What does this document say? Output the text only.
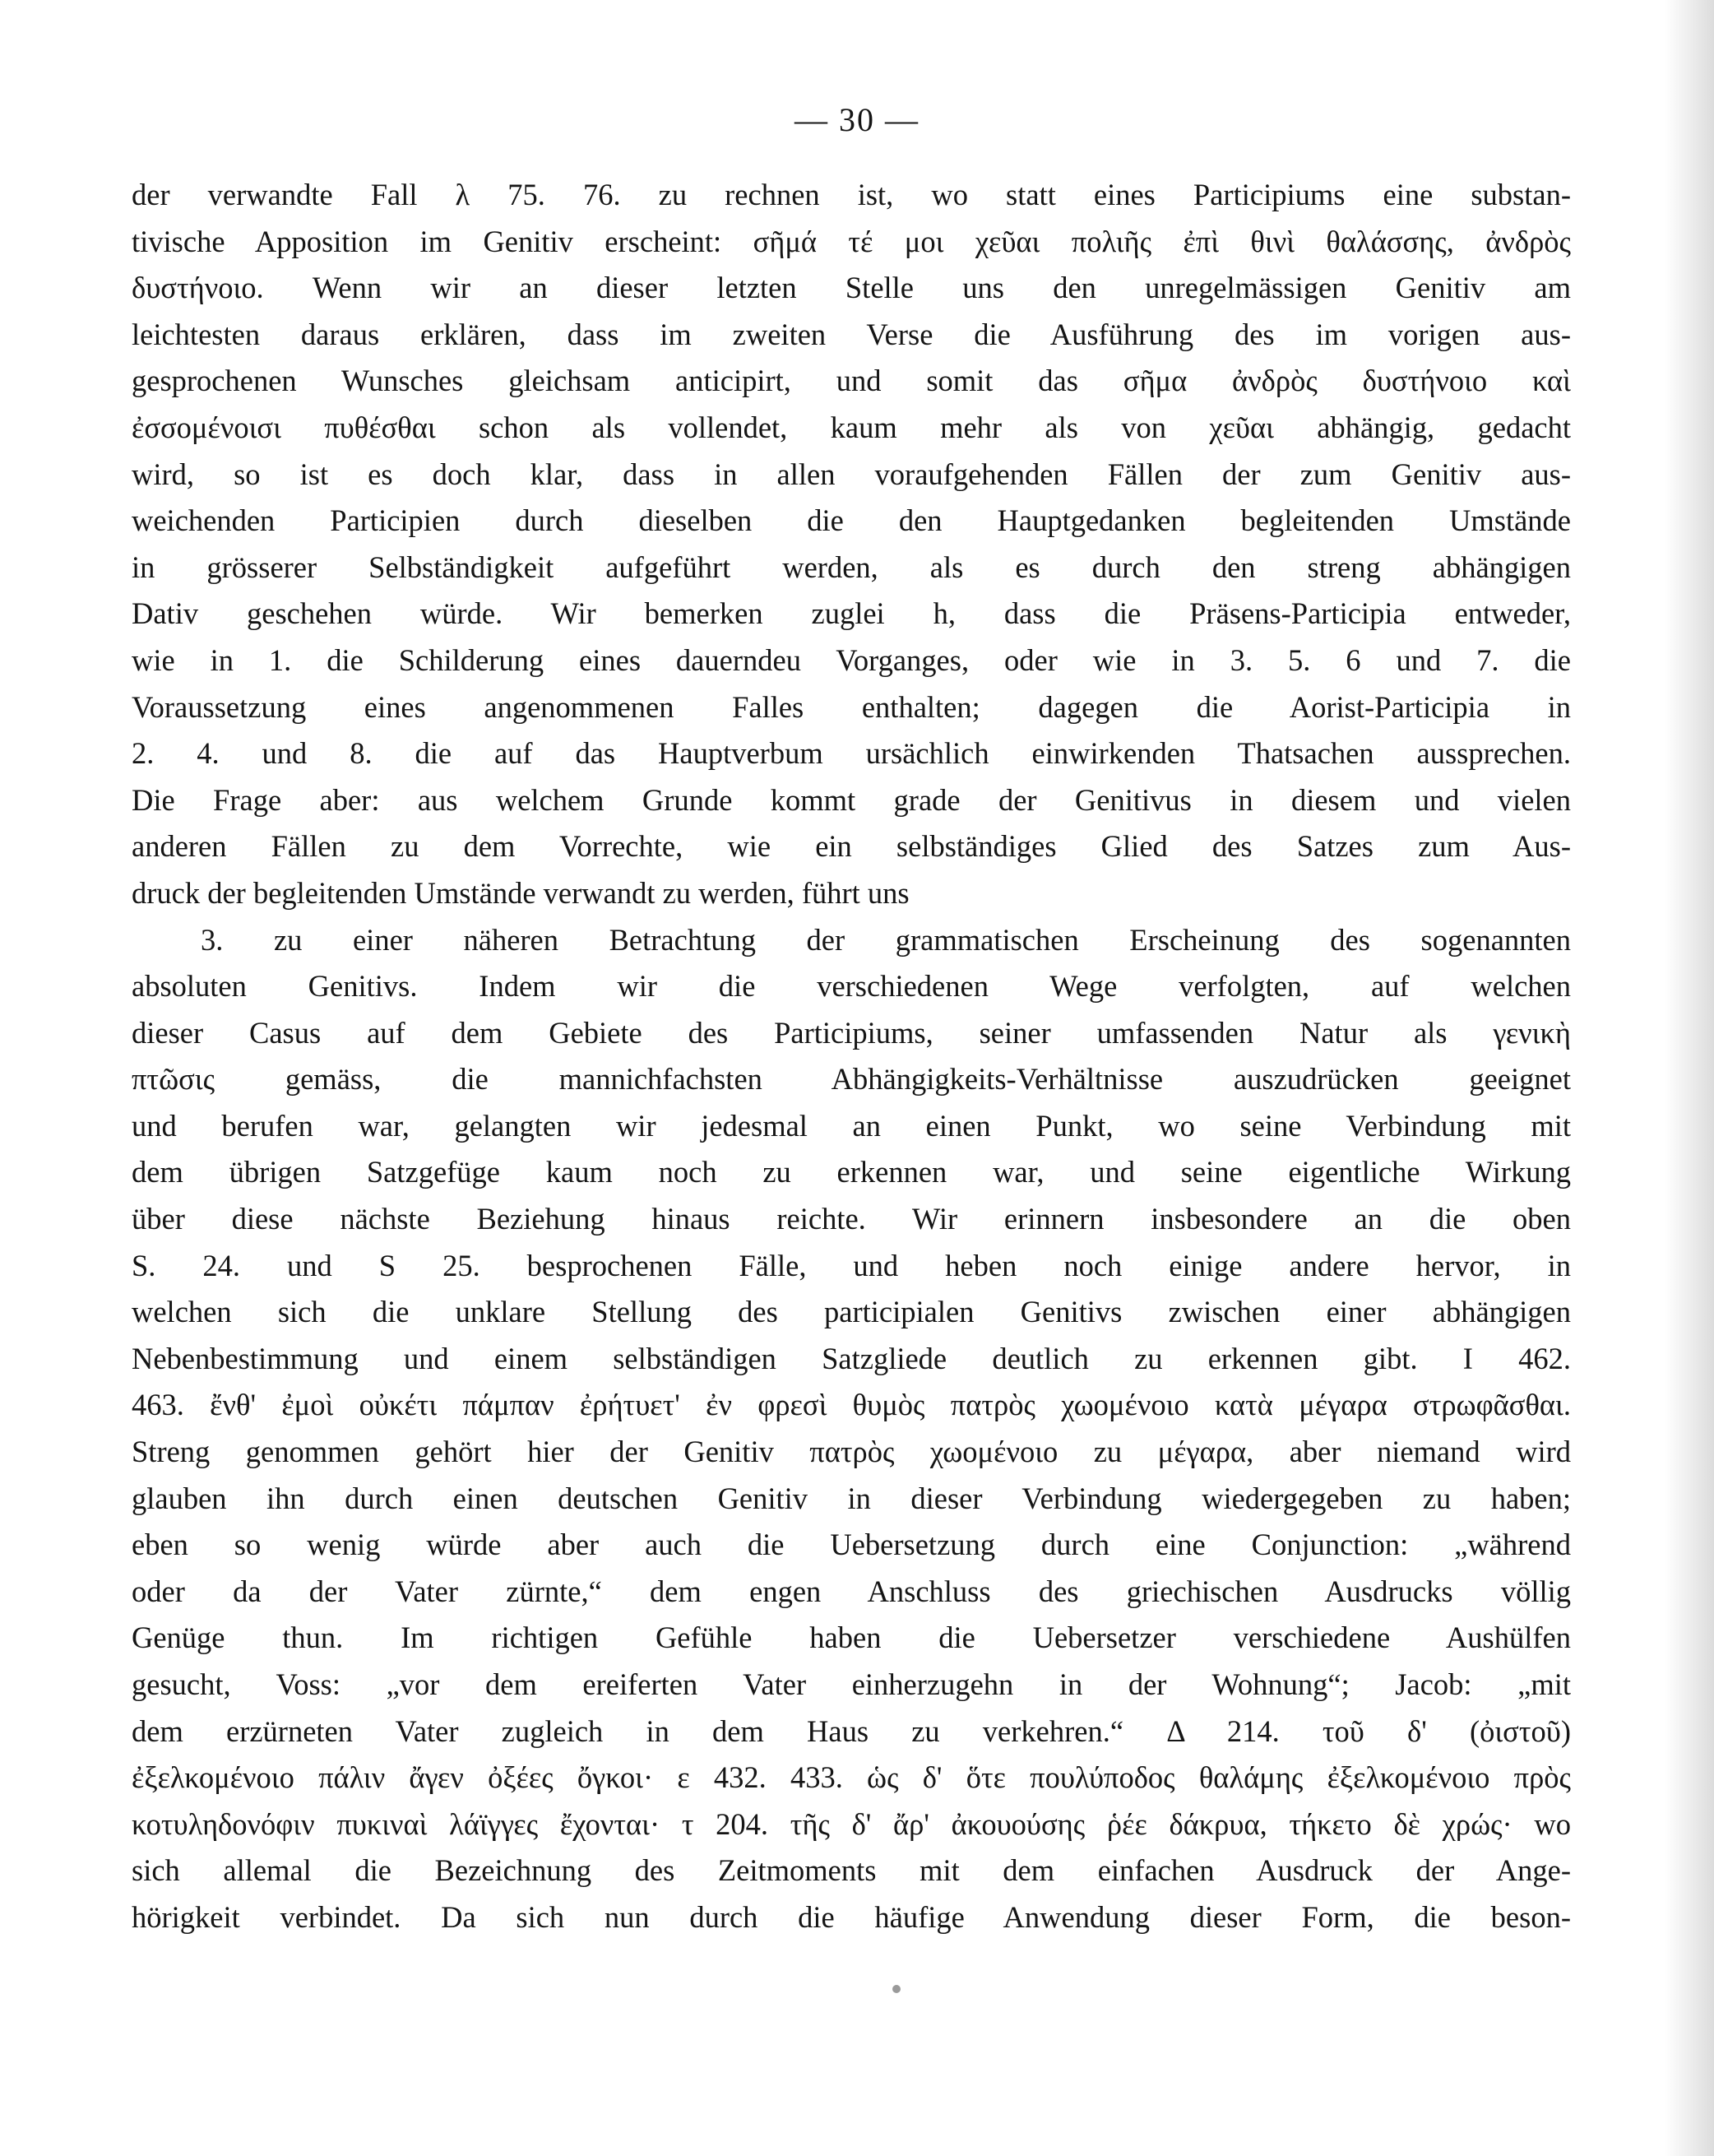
— 30 —
der verwandte Fall λ 75. 76. zu rechnen ist, wo statt eines Participiums eine substan-
tivische Apposition im Genitiv erscheint: σῆμά τέ μοι χεῦαι πολιῆς ἐπὶ θινὶ θαλάσσης, ἀνδρὸς
δυστήνοιο. Wenn wir an dieser letzten Stelle uns den unregelmässigen Genitiv am
leichtesten daraus erklären, dass im zweiten Verse die Ausführung des im vorigen aus-
gesprochenen Wunsches gleichsam anticipirt, und somit das σῆμα ἀνδρὸς δυστήνοιο καὶ
ἐσσομένοισι πυθέσθαι schon als vollendet, kaum mehr als von χεῦαι abhängig, gedacht
wird, so ist es doch klar, dass in allen voraufgehenden Fällen der zum Genitiv aus-
weichenden Participien durch dieselben die den Hauptgedanken begleitenden Umstände
in grösserer Selbständigkeit aufgeführt werden, als es durch den streng abhängigen
Dativ geschehen würde. Wir bemerken zuglei h, dass die Präsens-Participia entweder,
wie in 1. die Schilderung eines dauerndeu Vorganges, oder wie in 3. 5. 6 und 7. die
Voraussetzung eines angenommenen Falles enthalten; dagegen die Aorist-Participia in
2. 4. und 8. die auf das Hauptverbum ursächlich einwirkenden Thatsachen aussprechen.
Die Frage aber: aus welchem Grunde kommt grade der Genitivus in diesem und vielen
anderen Fällen zu dem Vorrechte, wie ein selbständiges Glied des Satzes zum Aus-
druck der begleitenden Umstände verwandt zu werden, führt uns
3. zu einer näheren Betrachtung der grammatischen Erscheinung des sogenannten
absoluten Genitivs. Indem wir die verschiedenen Wege verfolgten, auf welchen
dieser Casus auf dem Gebiete des Participiums, seiner umfassenden Natur als γενικὴ
πτῶσις gemäss, die mannichfachsten Abhängigkeits-Verhältnisse auszudrücken geeignet
und berufen war, gelangten wir jedesmal an einen Punkt, wo seine Verbindung mit
dem übrigen Satzgefüge kaum noch zu erkennen war, und seine eigentliche Wirkung
über diese nächste Beziehung hinaus reichte. Wir erinnern insbesondere an die oben
S. 24. und S 25. besprochenen Fälle, und heben noch einige andere hervor, in
welchen sich die unklare Stellung des participialen Genitivs zwischen einer abhängigen
Nebenbestimmung und einem selbständigen Satzgliede deutlich zu erkennen gibt. Ι 462.
463. ἔνθ' ἐμοὶ οὐκέτι πάμπαν ἐρήτυετ' ἐν φρεσὶ θυμὸς πατρὸς χωομένοιο κατὰ μέγαρα στρωφᾶσθαι.
Streng genommen gehört hier der Genitiv πατρὸς χωομένοιο zu μέγαρα, aber niemand wird
glauben ihn durch einen deutschen Genitiv in dieser Verbindung wiedergegeben zu haben;
eben so wenig würde aber auch die Uebersetzung durch eine Conjunction: „während
oder da der Vater zürnte,“ dem engen Anschluss des griechischen Ausdrucks völlig
Genüge thun. Im richtigen Gefühle haben die Uebersetzer verschiedene Aushülfen
gesucht, Voss: „vor dem ereiferten Vater einherzugehn in der Wohnung“; Jacob: „mit
dem erzürneten Vater zugleich in dem Haus zu verkehren.“ Δ 214. τοῦ δ' (ὀιστοῦ)
ἐξελκομένοιο πάλιν ἄγεν ὀξέες ὄγκοι· ε 432. 433. ὡς δ' ὅτε πουλύποδος θαλάμης ἐξελκομένοιο πρὸς
κοτυληδονόφιν πυκιναὶ λάϊγγες ἔχονται· τ 204. τῆς δ' ἄρ' ἀκουούσης ῥέε δάκρυα, τήκετο δὲ χρώς· wo
sich allemal die Bezeichnung des Zeitmoments mit dem einfachen Ausdruck der Ange-
hörigkeit verbindet. Da sich nun durch die häufige Anwendung dieser Form, die beson-
